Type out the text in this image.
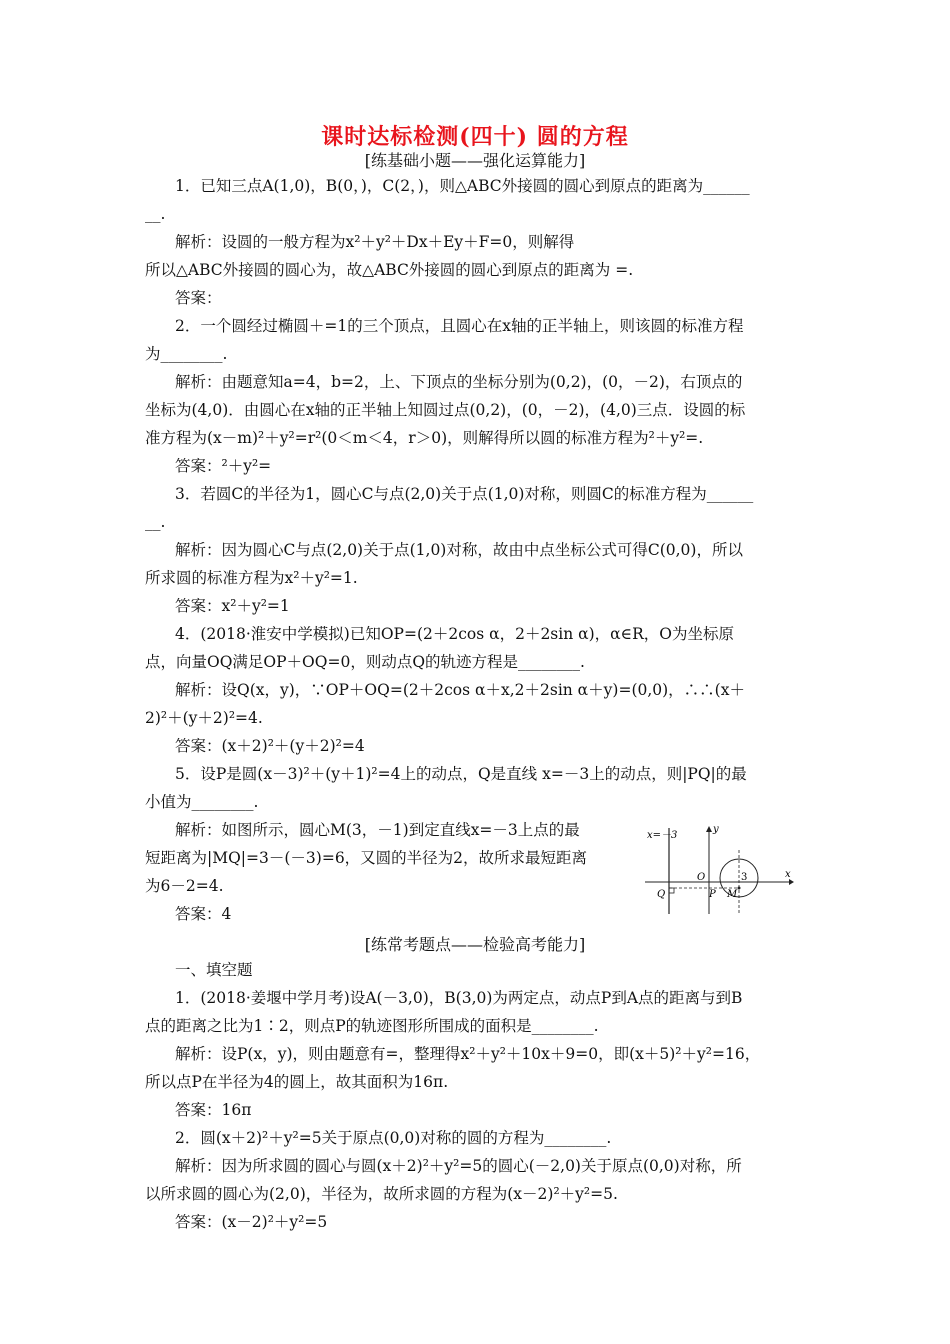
课时达标检测(四十) 圆的方程
[练基础小题——强化运算能力]
1．已知三点A(1,0)，B(0，)，C(2，)，则△ABC外接圆的圆心到原点的距离为______
__.
解析：设圆的一般方程为x²＋y²＋Dx＋Ey＋F=0，则解得
所以△ABC外接圆的圆心为，故△ABC外接圆的圆心到原点的距离为 =.
答案：
2．一个圆经过椭圆＋=1的三个顶点，且圆心在x轴的正半轴上，则该圆的标准方程
为________.
解析：由题意知a=4，b=2，上、下顶点的坐标分别为(0,2)，(0，－2)，右顶点的
坐标为(4,0)．由圆心在x轴的正半轴上知圆过点(0,2)，(0，－2)，(4,0)三点．设圆的标
准方程为(x－m)²＋y²=r²(0＜m＜4，r＞0)，则解得所以圆的标准方程为²＋y²=.
答案：²＋y²=
3．若圆C的半径为1，圆心C与点(2,0)关于点(1,0)对称，则圆C的标准方程为______
__.
解析：因为圆心C与点(2,0)关于点(1,0)对称，故由中点坐标公式可得C(0,0)，所以
所求圆的标准方程为x²＋y²=1.
答案：x²＋y²=1
4．(2018·淮安中学模拟)已知OP=(2＋2cos α，2＋2sin α)，α∈R，O为坐标原
点，向量OQ满足OP＋OQ=0，则动点Q的轨迹方程是________.
解析：设Q(x，y)，∵OP＋OQ=(2＋2cos α＋x,2＋2sin α＋y)=(0,0)，∴∴(x＋
2)²＋(y＋2)²=4.
答案：(x＋2)²＋(y＋2)²=4
5．设P是圆(x－3)²＋(y＋1)²=4上的动点，Q是直线 x=－3上的动点，则|PQ|的最
小值为________.
解析：如图所示，圆心M(3，－1)到定直线x=－3上点的最
短距离为|MQ|=3－(－3)=6，又圆的半径为2，故所求最短距离
为6－2=4.
答案：4
x=－3
y
x
O
Q	P M
3
[练常考题点——检验高考能力]
一、填空题
1．(2018·姜堰中学月考)设A(－3,0)，B(3,0)为两定点，动点P到A点的距离与到B
点的距离之比为1∶2，则点P的轨迹图形所围成的面积是________.
解析：设P(x，y)，则由题意有=，整理得x²＋y²＋10x＋9=0，即(x＋5)²＋y²=16，
所以点P在半径为4的圆上，故其面积为16π.
答案：16π
2．圆(x＋2)²＋y²=5关于原点(0,0)对称的圆的方程为________.
解析：因为所求圆的圆心与圆(x＋2)²＋y²=5的圆心(－2,0)关于原点(0,0)对称，所
以所求圆的圆心为(2,0)，半径为，故所求圆的方程为(x－2)²＋y²=5.
答案：(x－2)²＋y²=5
